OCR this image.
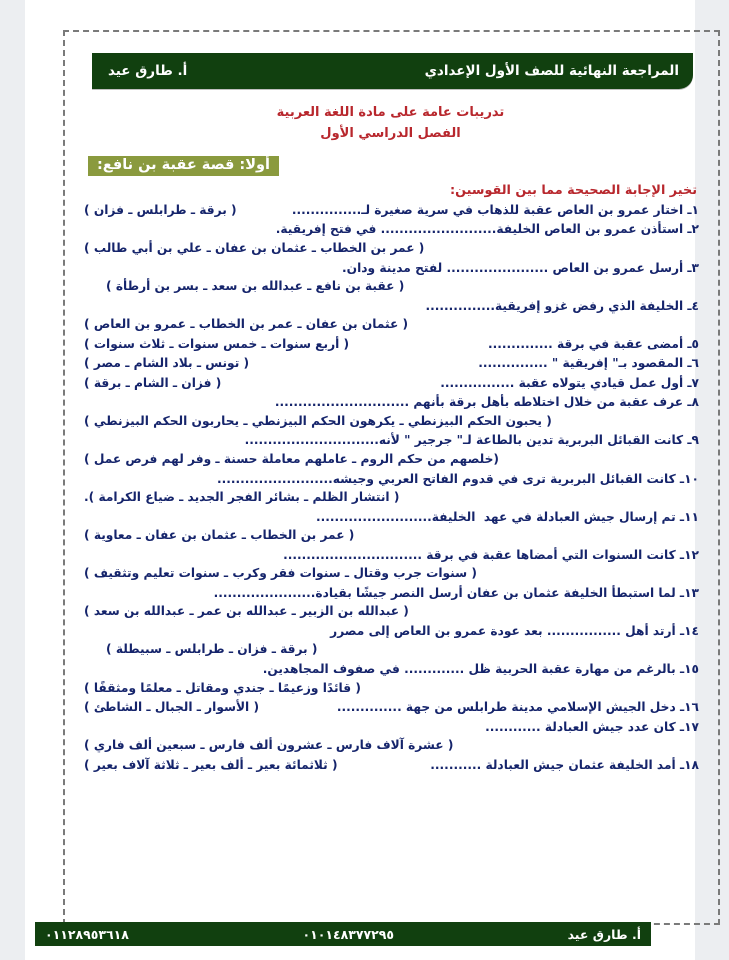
المراجعة النهائية للصف الأول الإعدادي
أ. طارق عيد
تدريبات عامة على مادة اللغة العربية
الفصل الدراسي الأول
أولا: قصة عقبة بن نافع:
تخير الإجابة الصحيحة مما بين القوسين:
١ـ اختار عمرو بن العاص عقبة للذهاب في سرية صغيرة لـ...............
( برقة ـ طرابلس ـ فزان )
٢ـ استأذن عمرو بن العاص الخليفة......................... في فتح إفريقية.
( عمر بن الخطاب ـ عثمان بن عفان ـ علي بن أبي طالب )
٣ـ أرسل عمرو بن العاص ...................... لفتح مدينة ودان.
( عقبة بن نافع ـ عبدالله بن سعد ـ بسر بن أرطأة )
٤ـ الخليفة الذي رفض غزو إفريقية...............
( عثمان بن عفان ـ عمر بن الخطاب ـ عمرو بن العاص )
٥ـ أمضى عقبة في برقة ..............
( أربع سنوات ـ خمس سنوات ـ ثلاث سنوات )
٦ـ المقصود بـ" إفريقية " ...............
( تونس ـ بلاد الشام ـ مصر )
٧ـ أول عمل قيادي يتولاه عقبة ................
( فزان ـ الشام ـ برقة )
٨ـ عرف عقبة من خلال اختلاطه بأهل برقة بأنهم .............................
( يحبون الحكم البيزنطي ـ يكرهون الحكم البيزنطي ـ يحاربون الحكم البيزنطي )
٩ـ كانت القبائل البربرية تدين بالطاعة لـ" جرجير " لأنه.............................
(خلصهم من حكم الروم ـ عاملهم معاملة حسنة ـ وفر لهم فرص عمل )
١٠ـ كانت القبائل البربرية ترى في قدوم الفاتح العربي وجيشه.........................
( انتشار الظلم ـ بشائر الفجر الجديد ـ ضياع الكرامة ).
١١ـ تم إرسال جيش العبادلة في عهد  الخليفة.........................
( عمر بن الخطاب ـ عثمان بن عفان ـ معاوية )
١٢ـ كانت السنوات التي أمضاها عقبة في برقة ..............................
( سنوات جرب وقتال ـ سنوات فقر وكرب ـ سنوات تعليم وتثقيف )
١٣ـ لما استبطأ الخليفة عثمان بن عفان أرسل النصر جيشًا بقيادة......................
( عبدالله بن الزبير ـ عبدالله بن عمر ـ عبدالله بن سعد )
١٤ـ أرتد أهل ................ بعد عودة عمرو بن العاص إلى مصرر
( برقة ـ فزان ـ طرابلس ـ سبيطلة )
١٥ـ بالرغم من مهارة عقبة الحربية ظل ............. في صفوف المجاهدين.
( قائدًا وزعيمًا ـ جندي ومقاتل ـ معلمًا ومثقفًا )
١٦ـ دخل الجيش الإسلامي مدينة طرابلس من جهة ..............
( الأسوار ـ الجبال ـ الشاطئ )
١٧ـ كان عدد جيش العبادلة ............
( عشرة آلاف فارس ـ عشرون ألف فارس ـ سبعين ألف فاري )
١٨ـ أمد الخليفة عثمان جيش العبادلة ...........
( ثلاثمائة بعير ـ ألف بعير ـ ثلاثة آلاف بعير )
أ. طارق عيد
٠١٠١٤٨٣٧٧٢٩٥
٠١١٢٨٩٥٣٦١٨
